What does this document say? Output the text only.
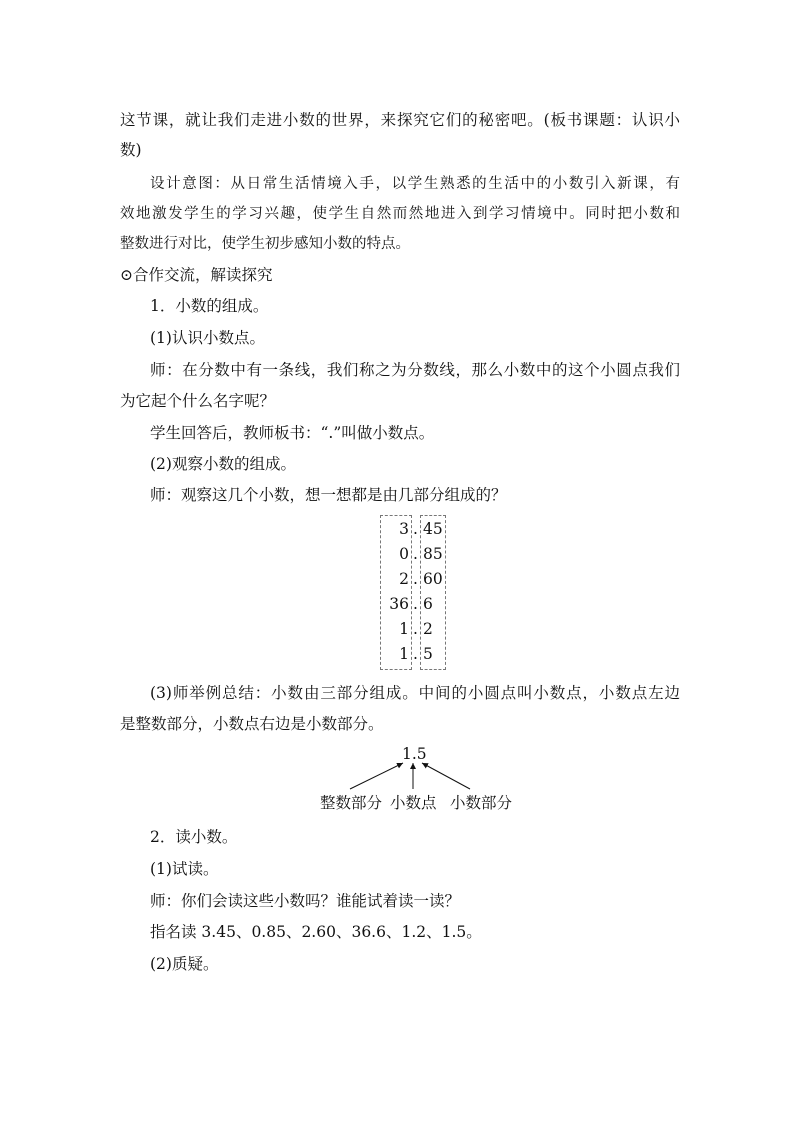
这节课，就让我们走进小数的世界，来探究它们的秘密吧。(板书课题：认识小
数)
设计意图：从日常生活情境入手，以学生熟悉的生活中的小数引入新课，有
效地激发学生的学习兴趣，使学生自然而然地进入到学习情境中。同时把小数和
整数进行对比，使学生初步感知小数的特点。
⊙合作交流，解读探究
1．小数的组成。
(1)认识小数点。
师：在分数中有一条线，我们称之为分数线，那么小数中的这个小圆点我们
为它起个什么名字呢？
学生回答后，教师板书：“.”叫做小数点。
(2)观察小数的组成。
师：观察这几个小数，想一想都是由几部分组成的？
3 . 45
0 . 85
2 . 60
36 . 6
1 . 2
1 . 5
(3)师举例总结：小数由三部分组成。中间的小圆点叫小数点，小数点左边
是整数部分，小数点右边是小数部分。
1.5
整数部分 小数点 小数部分
2．读小数。
(1)试读。
师：你们会读这些小数吗？谁能试着读一读？
指名读 3.45、0.85、2.60、36.6、1.2、1.5。
(2)质疑。
